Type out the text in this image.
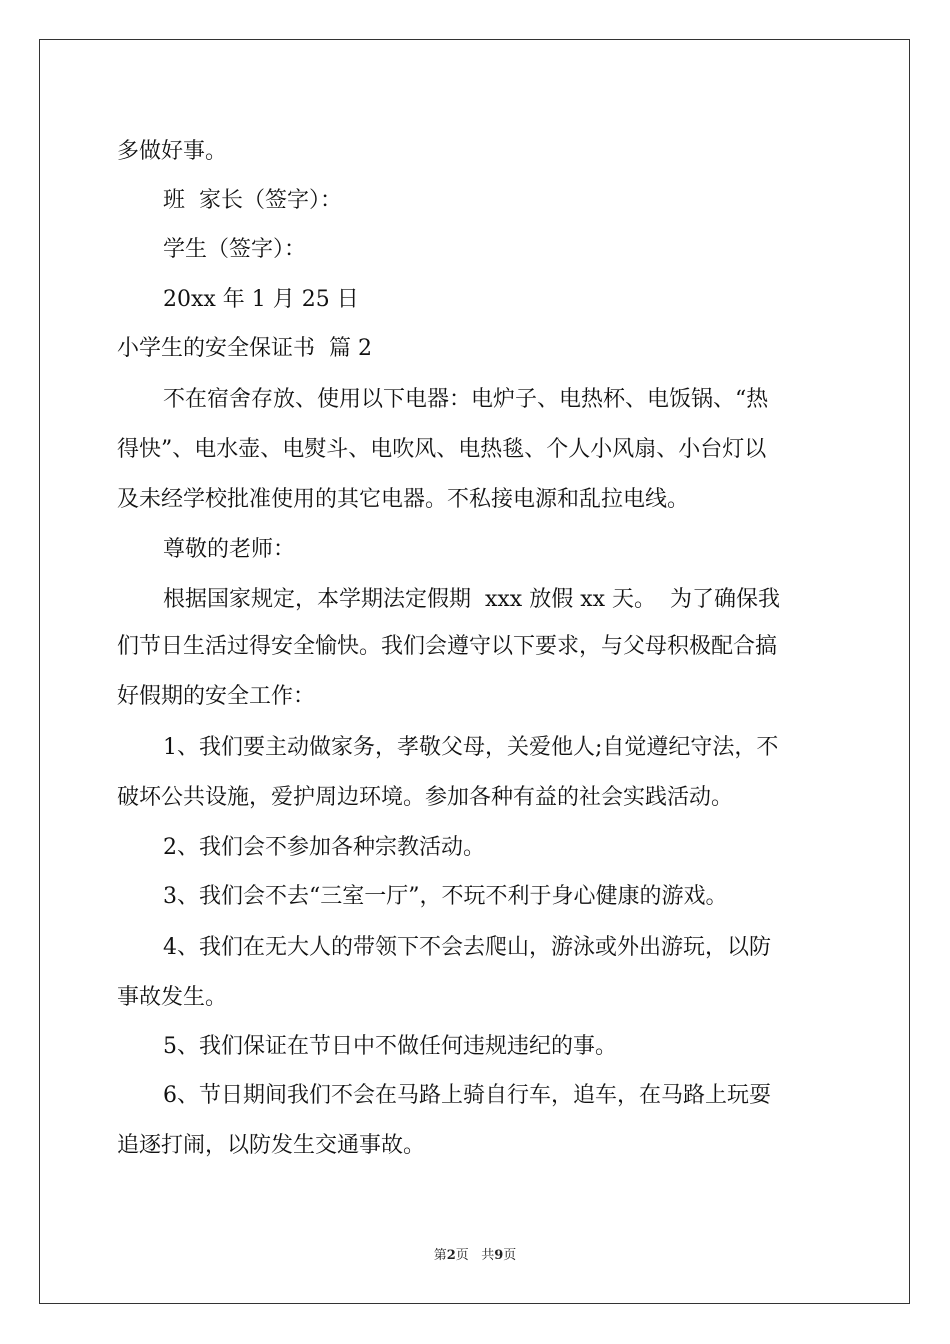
多做好事。
班  家长（签字）：
学生（签字）：
20xx 年 1 月 25 日
小学生的安全保证书  篇 2
不在宿舍存放、使用以下电器：电炉子、电热杯、电饭锅、“热
得快”、电水壶、电熨斗、电吹风、电热毯、个人小风扇、小台灯以
及未经学校批准使用的其它电器。不私接电源和乱拉电线。
尊敬的老师：
根据国家规定，本学期法定假期  xxx 放假 xx 天。  为了确保我
们节日生活过得安全愉快。我们会遵守以下要求，与父母积极配合搞
好假期的安全工作：
1、我们要主动做家务，孝敬父母，关爱他人;自觉遵纪守法，不
破坏公共设施，爱护周边环境。参加各种有益的社会实践活动。
2、我们会不参加各种宗教活动。
3、我们会不去“三室一厅”，不玩不利于身心健康的游戏。
4、我们在无大人的带领下不会去爬山，游泳或外出游玩，以防
事故发生。
5、我们保证在节日中不做任何违规违纪的事。
6、节日期间我们不会在马路上骑自行车，追车，在马路上玩耍
追逐打闹，以防发生交通事故。
第2页 共9页
